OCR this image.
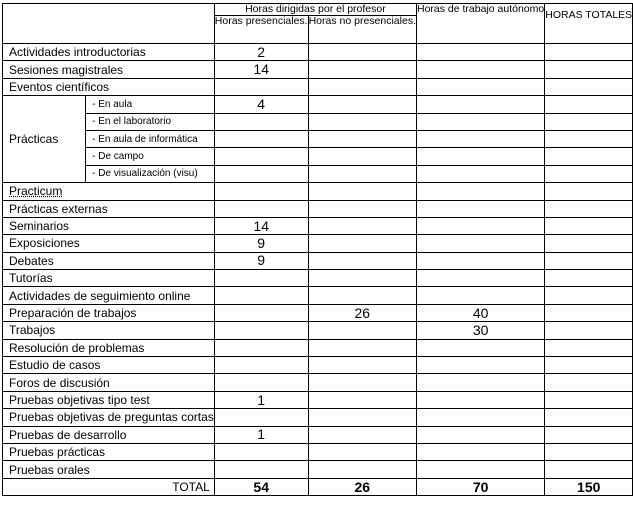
		Horas dirigidas por el profesor		Horas de trabajo autónomo	HORAS TOTALES
		Horas presenciales.	Horas no presenciales.		
Actividades introductorias		2			
Sesiones magistrales		14			
Eventos científicos					
Prácticas	- En aula	4			
	- En el laboratorio				
	- En aula de informática				
	- De campo				
	- De visualización (visu)				
Practicum					
Prácticas externas					
Seminarios		14			
Exposiciones		9			
Debates		9			
Tutorías					
Actividades de seguimiento online					
Preparación de trabajos			26	40	
Trabajos				30	
Resolución de problemas					
Estudio de casos					
Foros de discusión					
Pruebas objetivas tipo test		1			
Pruebas objetivas de preguntas cortas					
Pruebas de desarrollo		1			
Pruebas prácticas					
Pruebas orales					
TOTAL		54	26	70	150
